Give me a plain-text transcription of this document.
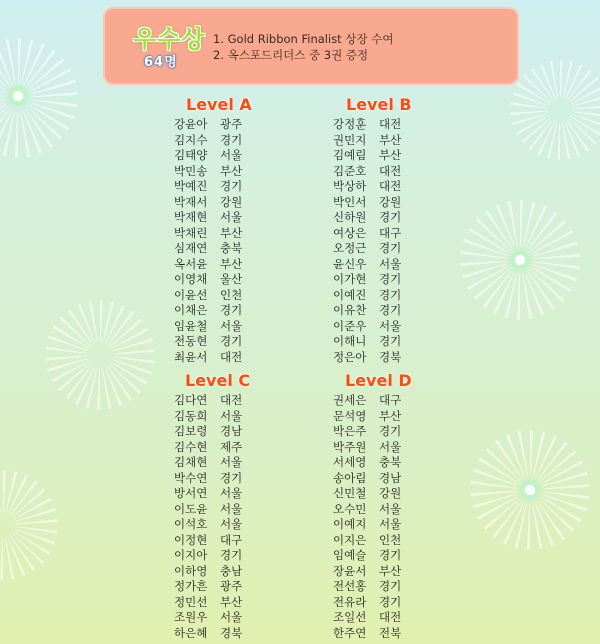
우수상
64명
1. Gold Ribbon Finalist 상장 수여
2. 옥스포드리더스 중 3권 증정
Level A
강윤아 광주
김지수 경기
김태양 서울
박민송 부산
박예진 경기
박재서 강원
박재현 서울
박채린 부산
심재연 충북
옥서윤 부산
이영채 울산
이윤선 인천
이채은 경기
임윤철 서울
전동현 경기
최윤서 대전
Level B
강정훈 대전
권민지 부산
김예림 부산
김준호 대전
박상하 대전
박인서 강원
신하원 경기
여상은 대구
오정근 경기
윤신우 서울
이가현 경기
이예진 경기
이유찬 경기
이준우 서울
이해니 경기
정은아 경북
Level C
김다연 대전
김동희 서울
김보령 경남
김수현 제주
김채현 서울
박수연 경기
방서연 서울
이도윤 서울
이석호 서울
이정현 대구
이지아 경기
이하영 충남
정가흔 광주
정민선 부산
조원우 서울
하은혜 경북
Level D
권세은 대구
문석영 부산
박은주 경기
박주원 서울
서세영 충북
송아림 경남
신민철 강원
오수민 서울
이예지 서울
이지은 인천
임예슬 경기
장윤서 부산
전선홍 경기
전유라 경기
조일선 대전
한주연 전북
